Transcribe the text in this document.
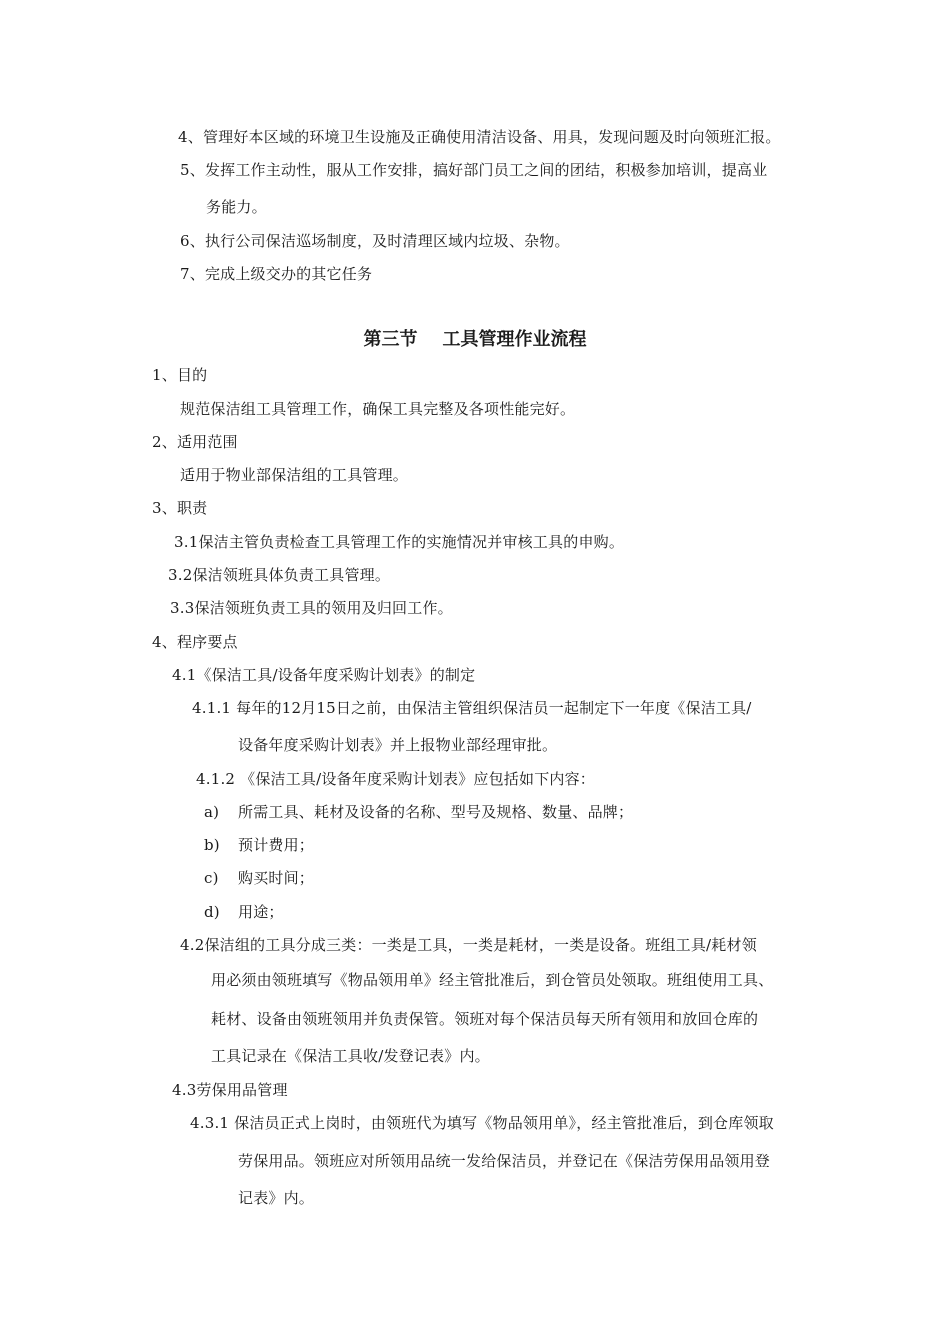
4、管理好本区域的环境卫生设施及正确使用清洁设备、用具，发现问题及时向领班汇报。
5、发挥工作主动性，服从工作安排，搞好部门员工之间的团结，积极参加培训，提高业
务能力。
6、执行公司保洁巡场制度，及时清理区域内垃圾、杂物。
7、完成上级交办的其它任务
第三节    工具管理作业流程
1、目的
规范保洁组工具管理工作，确保工具完整及各项性能完好。
2、适用范围
适用于物业部保洁组的工具管理。
3、职责
3.1保洁主管负责检查工具管理工作的实施情况并审核工具的申购。
3.2保洁领班具体负责工具管理。
3.3保洁领班负责工具的领用及归回工作。
4、程序要点
4.1《保洁工具/设备年度采购计划表》的制定
4.1.1 每年的12月15日之前，由保洁主管组织保洁员一起制定下一年度《保洁工具/
设备年度采购计划表》并上报物业部经理审批。
4.1.2 《保洁工具/设备年度采购计划表》应包括如下内容：
a) 所需工具、耗材及设备的名称、型号及规格、数量、品牌；
b) 预计费用；
c) 购买时间；
d) 用途；
4.2保洁组的工具分成三类：一类是工具，一类是耗材，一类是设备。班组工具/耗材领
用必须由领班填写《物品领用单》经主管批准后，到仓管员处领取。班组使用工具、
耗材、设备由领班领用并负责保管。领班对每个保洁员每天所有领用和放回仓库的
工具记录在《保洁工具收/发登记表》内。
4.3劳保用品管理
4.3.1 保洁员正式上岗时，由领班代为填写《物品领用单》，经主管批准后，到仓库领取
劳保用品。领班应对所领用品统一发给保洁员，并登记在《保洁劳保用品领用登
记表》内。
